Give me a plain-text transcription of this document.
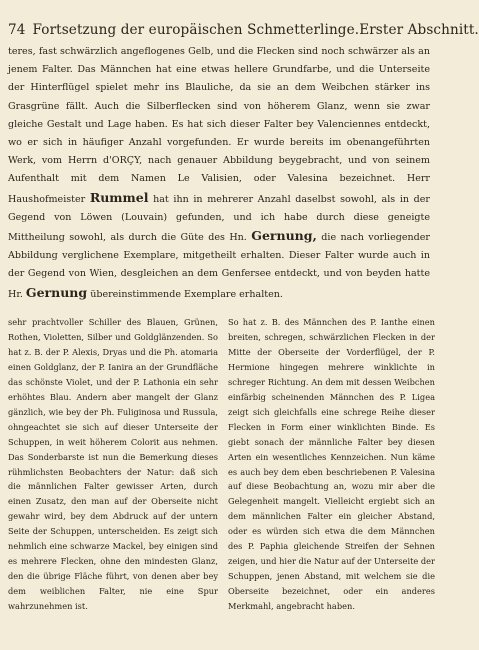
74 Fortsetzung der europäischen Schmetterlinge. Erster Abschnitt.

teres, fast schwärzlich angeflogenes Gelb, und die Flecken sind noch schwärzer als an jenem Falter. Das Männchen hat eine etwas hellere Grundfarbe, und die Unterseite der Hinterflügel spielet mehr ins Blauliche, da sie an dem Weibchen stärker ins Grasgrüne fällt. Auch die Silberflecken sind von höherem Glanz, wenn sie zwar gleiche Gestalt und Lage haben. Es hat sich dieser Falter bey Valenciennes entdeckt, wo er sich in häufiger Anzahl vorgefunden. Er wurde bereits im obenangeführten Werk, vom Herrn d'ORÇY, nach genauer Abbildung beygebracht, und von seinem Aufenthalt mit dem Namen Le Valisien, oder Valesina bezeichnet. Herr Haushofmeister Rummel hat ihn in mehrerer Anzahl daselbst sowohl, als in der Gegend von Löwen (Louvain) gefunden, und ich habe durch diese geneigte Mittheilung sowohl, als durch die Güte des Hn. Gernung, die nach vorliegender Abbildung verglichene Exemplare, mitgetheilt erhalten. Dieser Falter wurde auch in der Gegend von Wien, desgleichen an dem Genfersee entdeckt, und von beyden hatte Hr. Gernung übereinstimmende Exemplare erhalten.

sehr prachtvoller Schiller des Blauen, Grünen, Rothen, Violetten, Silber und Goldglänzenden. So hat z. B. der P. Alexis, Dryas und die Ph. atomaria einen Goldglanz, der P. Ianira an der Grundfläche das schönste Violet, und der P. Lathonia ein sehr erhöhtes Blau. Andern aber mangelt der Glanz gänzlich, wie bey der Ph. Fuliginosa und Russula, ohngeachtet sie sich auf dieser Unterseite der Schuppen, in weit höherem Colorit aus nehmen. Das Sonderbarste ist nun die Bemerkung dieses rühmlichsten Beobachters der Natur: daß sich die männlichen Falter gewisser Arten, durch einen Zusatz, den man auf der Oberseite nicht gewahr wird, bey dem Abdruck auf der untern Seite der Schuppen, unterscheiden. Es zeigt sich nehmlich eine schwarze Mackel, bey einigen sind es mehrere Flecken, ohne den mindesten Glanz, den die übrige Fläche führt, von denen aber bey dem weiblichen Falter, nie eine Spur wahrzunehmen ist.

So hat z. B. des Männchen des P. Ianthe einen breiten, schregen, schwärzlichen Flecken in der Mitte der Oberseite der Vorderflügel, der P. Hermione hingegen mehrere winklichte in schreger Richtung. An dem mit dessen Weibchen einfärbig scheinenden Männchen des P. Ligea zeigt sich gleichfalls eine schrege Reihe dieser Flecken in Form einer winklichten Binde. Es giebt sonach der männliche Falter bey diesen Arten ein wesentliches Kennzeichen. Nun käme es auch bey dem eben beschriebenen P. Valesina auf diese Beobachtung an, wozu mir aber die Gelegenheit mangelt. Vielleicht ergiebt sich an dem männlichen Falter ein gleicher Abstand, oder es würden sich etwa die dem Männchen des P. Paphia gleichende Streifen der Sehnen zeigen, und hier die Natur auf der Unterseite der Schuppen, jenen Abstand, mit welchem sie die Oberseite bezeichnet, oder ein anderes Merkmahl, angebracht haben.
